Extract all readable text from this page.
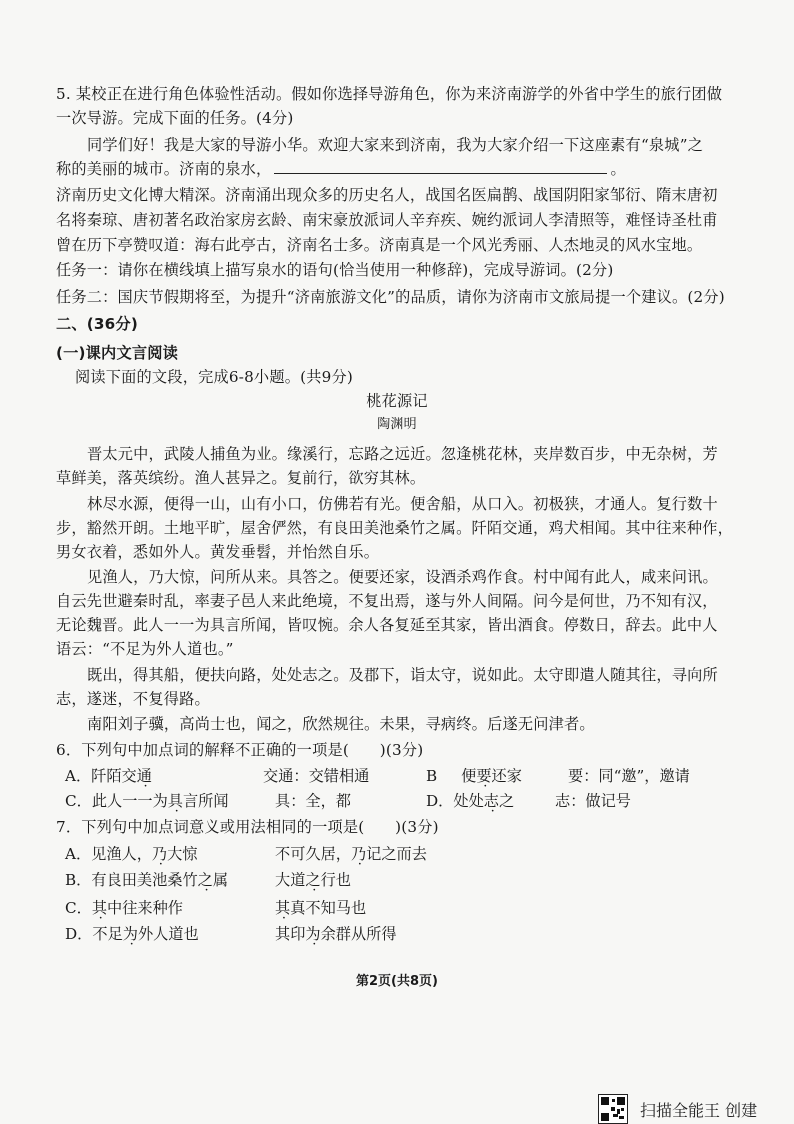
5. 某校正在进行角色体验性活动。假如你选择导游角色，你为来济南游学的外省中学生的旅行团做
一次导游。完成下面的任务。(4分)
同学们好！我是大家的导游小华。欢迎大家来到济南，我为大家介绍一下这座素有“泉城”之
称的美丽的城市。济南的泉水，	。
济南历史文化博大精深。济南涌出现众多的历史名人，战国名医扁鹊、战国阴阳家邹衍、隋末唐初
名将秦琼、唐初著名政治家房玄龄、南宋豪放派词人辛弃疾、婉约派词人李清照等，难怪诗圣杜甫
曾在历下亭赞叹道：海右此亭古，济南名士多。济南真是一个风光秀丽、人杰地灵的风水宝地。
任务一：请你在横线填上描写泉水的语句(恰当使用一种修辞)，完成导游词。(2分)
任务二：国庆节假期将至，为提升“济南旅游文化”的品质，请你为济南市文旅局提一个建议。(2分)
二、(36分)
(一)课内文言阅读
阅读下面的文段，完成6-8小题。(共9分)
桃花源记
陶渊明
晋太元中，武陵人捕鱼为业。缘溪行，忘路之远近。忽逢桃花林，夹岸数百步，中无杂树，芳
草鲜美，落英缤纷。渔人甚异之。复前行，欲穷其林。
林尽水源，便得一山，山有小口，仿佛若有光。便舍船，从口入。初极狭，才通人。复行数十
步，豁然开朗。土地平旷，屋舍俨然，有良田美池桑竹之属。阡陌交通，鸡犬相闻。其中往来种作，
男女衣着，悉如外人。黄发垂髫，并怡然自乐。
见渔人，乃大惊，问所从来。具答之。便要还家，设酒杀鸡作食。村中闻有此人，咸来问讯。
自云先世避秦时乱，率妻子邑人来此绝境，不复出焉，遂与外人间隔。问今是何世，乃不知有汉，
无论魏晋。此人一一为具言所闻，皆叹惋。余人各复延至其家，皆出酒食。停数日，辞去。此中人
语云：“不足为外人道也。”
既出，得其船，便扶向路，处处志之。及郡下，诣太守，说如此。太守即遣人随其往，寻向所
志，遂迷，不复得路。
南阳刘子骥，高尚士也，闻之，欣然规往。未果，寻病终。后遂无问津者。
6．下列句中加点词的解释不正确的一项是(　　)(3分)
A．阡陌交通	交通：交错相通	B 便要还家	要：同“邀”，邀请
C．此人一一为具言所闻	具：全，都	D．处处志之	志：做记号
7．下列句中加点词意义或用法相同的一项是(　　)(3分)
A．见渔人，乃大惊	不可久居，乃记之而去
B．有良田美池桑竹之属	大道之行也
C．其中往来种作	其真不知马也
D．不足为外人道也	其印为余群从所得
第2页(共8页)
扫描全能王 创建
